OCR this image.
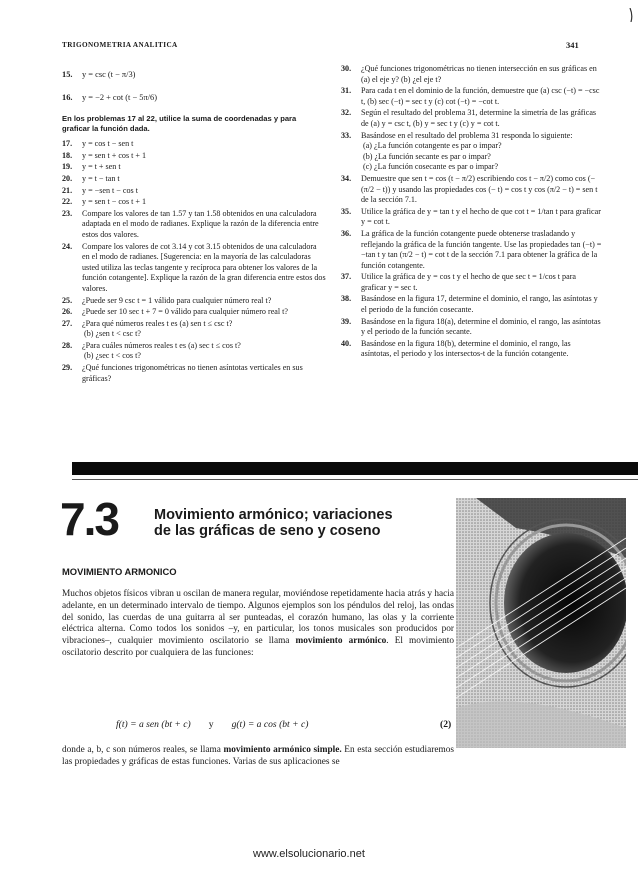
TRIGONOMETRIA ANALITICA	341
15.	y = csc (t − π/3)
16.	y = −2 + cot (t − 5π/6)
En los problemas 17 al 22, utilice la suma de coordenadas y para graficar la función dada.
17.	y = cos t − sen t
18.	y = sen t + cos t + 1
19.	y = t + sen t
20.	y = t − tan t
21.	y = −sen t − cos t
22.	y = sen t − cos t + 1
23.	Compare los valores de tan 1.57 y tan 1.58 obtenidos en una calculadora adaptada en el modo de radianes. Explique la razón de la diferencia entre estos dos valores.
24.	Compare los valores de cot 3.14 y cot 3.15 obtenidos de una calculadora en el modo de radianes. [Sugerencia: en la mayoría de las calculadoras usted utiliza las teclas tangente y recíproca para obtener los valores de la función cotangente]. Explique la razón de la gran diferencia entre estos dos valores.
25.	¿Puede ser 9 csc t = 1 válido para cualquier número real t?
26.	¿Puede ser 10 sec t + 7 = 0 válido para cualquier número real t?
27.	¿Para qué números reales t es (a) sen t ≤ csc t?
(b) ¿sen t < csc t?
28.	¿Para cuáles números reales t es (a) sec t ≤ cos t?
(b) ¿sec t < cos t?
29.	¿Qué funciones trigonométricas no tienen asíntotas verticales en sus gráficas?
30.	¿Qué funciones trigonométricas no tienen intersección en sus gráficas en (a) el eje y? (b) ¿el eje t?
31.	Para cada t en el dominio de la función, demuestre que (a) csc (−t) = −csc t, (b) sec (−t) = sec t y (c) cot (−t) = −cot t.
32.	Según el resultado del problema 31, determine la simetría de las gráficas de (a) y = csc t, (b) y = sec t y (c) y = cot t.
33.	Basándose en el resultado del problema 31 responda lo siguiente:
(a) ¿La función cotangente es par o impar?
(b) ¿La función secante es par o impar?
(c) ¿La función cosecante es par o impar?
34.	Demuestre que sen t = cos (t − π/2) escribiendo cos t − π/2) como cos (− (π/2 − t)) y usando las propiedades cos (− t) = cos t y cos (π/2 − t) = sen t de la sección 7.1.
35.	Utilice la gráfica de y = tan t y el hecho de que cot t = 1/tan t para graficar y = cot t.
36.	La gráfica de la función cotangente puede obtenerse trasladando y reflejando la gráfica de la función tangente. Use las propiedades tan (−t) = −tan t y tan (π/2 − t) = cot t de la sección 7.1 para obtener la gráfica de la función cotangente.
37.	Utilice la gráfica de y = cos t y el hecho de que sec t = 1/cos t para graficar y = sec t.
38.	Basándose en la figura 17, determine el dominio, el rango, las asíntotas y el periodo de la función cosecante.
39.	Basándose en la figura 18(a), determine el dominio, el rango, las asíntotas y el periodo de la función secante.
40.	Basándose en la figura 18(b), determine el dominio, el rango, las asíntotas, el periodo y los intersectos-t de la función cotangente.
7.3 Movimiento armónico; variaciones
de las gráficas de seno y coseno
MOVIMIENTO ARMONICO
Muchos objetos físicos vibran u oscilan de manera regular, moviéndose repetidamente hacia atrás y hacia adelante, en un determinado intervalo de tiempo. Algunos ejemplos son los péndulos del reloj, las ondas del sonido, las cuerdas de una guitarra al ser punteadas, el corazón humano, las olas y la corriente eléctrica alterna. Como todos los sonidos –y, en particular, los tonos musicales son producidos por vibraciones–, cualquier movimiento oscilatorio se llama movimiento armónico. El movimiento oscilatorio descrito por cualquiera de las funciones:
f(t) = a sen (bt + c) y g(t) = a cos (bt + c)	(2)
donde a, b, c son números reales, se llama movimiento armónico simple. En esta sección estudiaremos las propiedades y gráficas de estas funciones. Varias de sus aplicaciones se
www.elsolucionario.net
